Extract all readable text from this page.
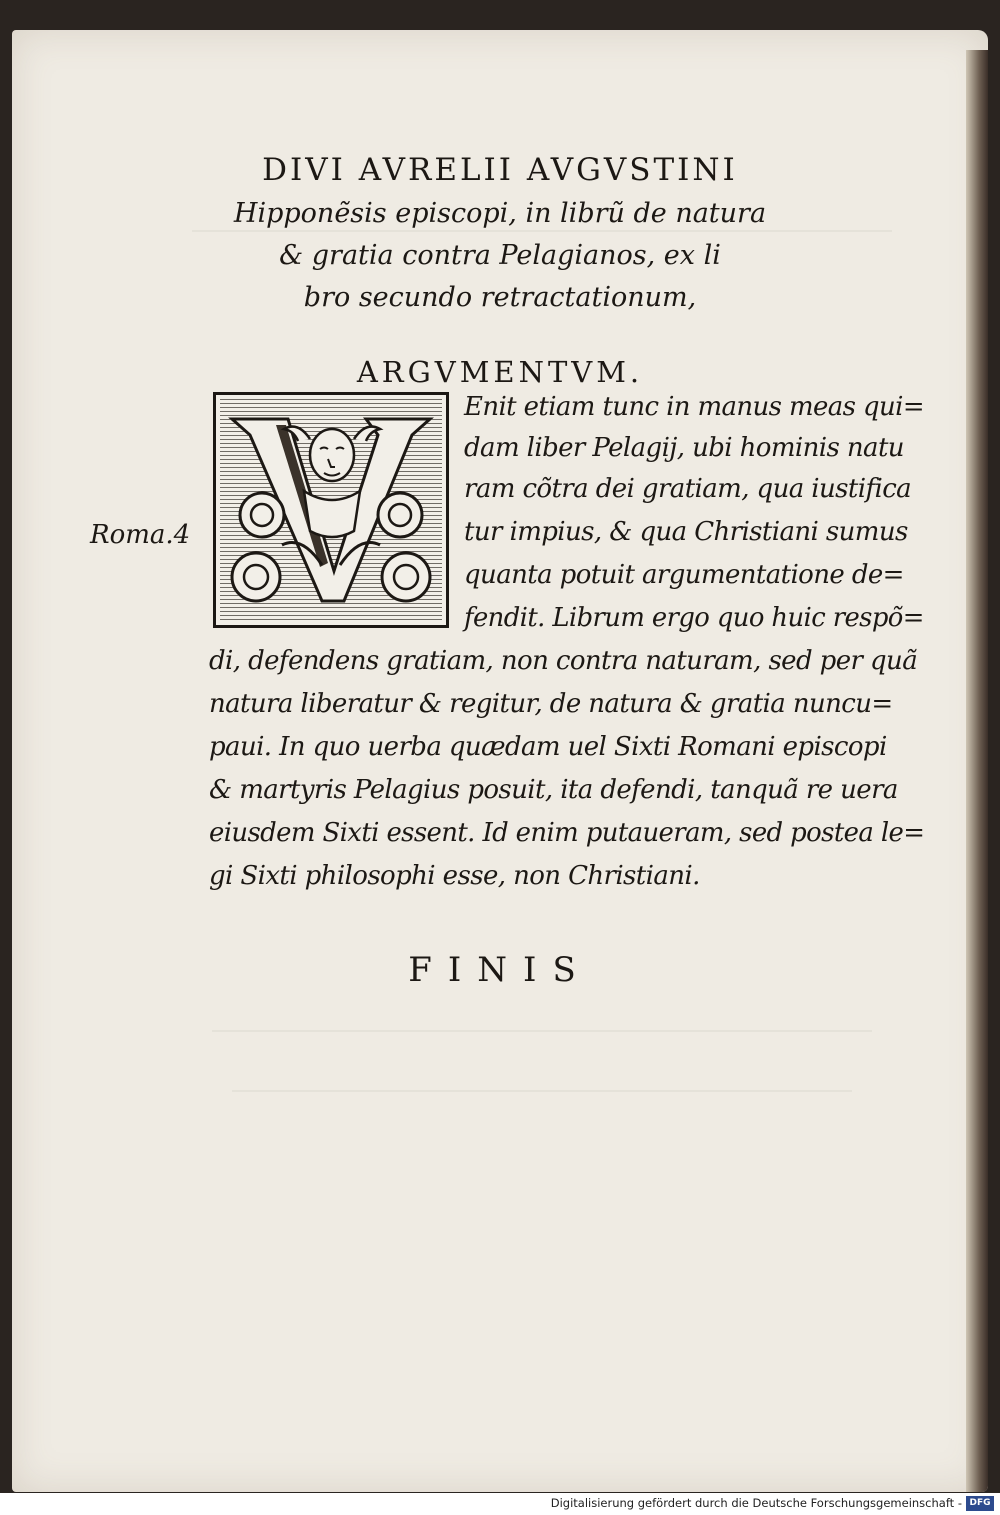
DIVI AVRELII AVGVSTINI
Hipponẽsis episcopi, in librũ de natura
& gratia contra Pelagianos, ex li
bro secundo retractationum,
ARGVMENTVM.
Roma.4
Enit etiam tunc in manus meas qui=
dam liber Pelagij, ubi hominis natu
ram cõtra dei gratiam, qua iustifica
tur impius, & qua Christiani sumus
quanta potuit argumentatione de=
fendit. Librum ergo quo huic respõ=
di, defendens gratiam, non contra naturam, sed per quã
natura liberatur & regitur, de natura & gratia nuncu=
paui. In quo uerba quædam uel Sixti Romani episcopi
& martyris Pelagius posuit, ita defendi, tanquã re uera
eiusdem Sixti essent. Id enim putaueram, sed postea le=
gi Sixti philosophi esse, non Christiani.
FINIS
Digitalisierung gefördert durch die Deutsche Forschungsgemeinschaft - DFG
